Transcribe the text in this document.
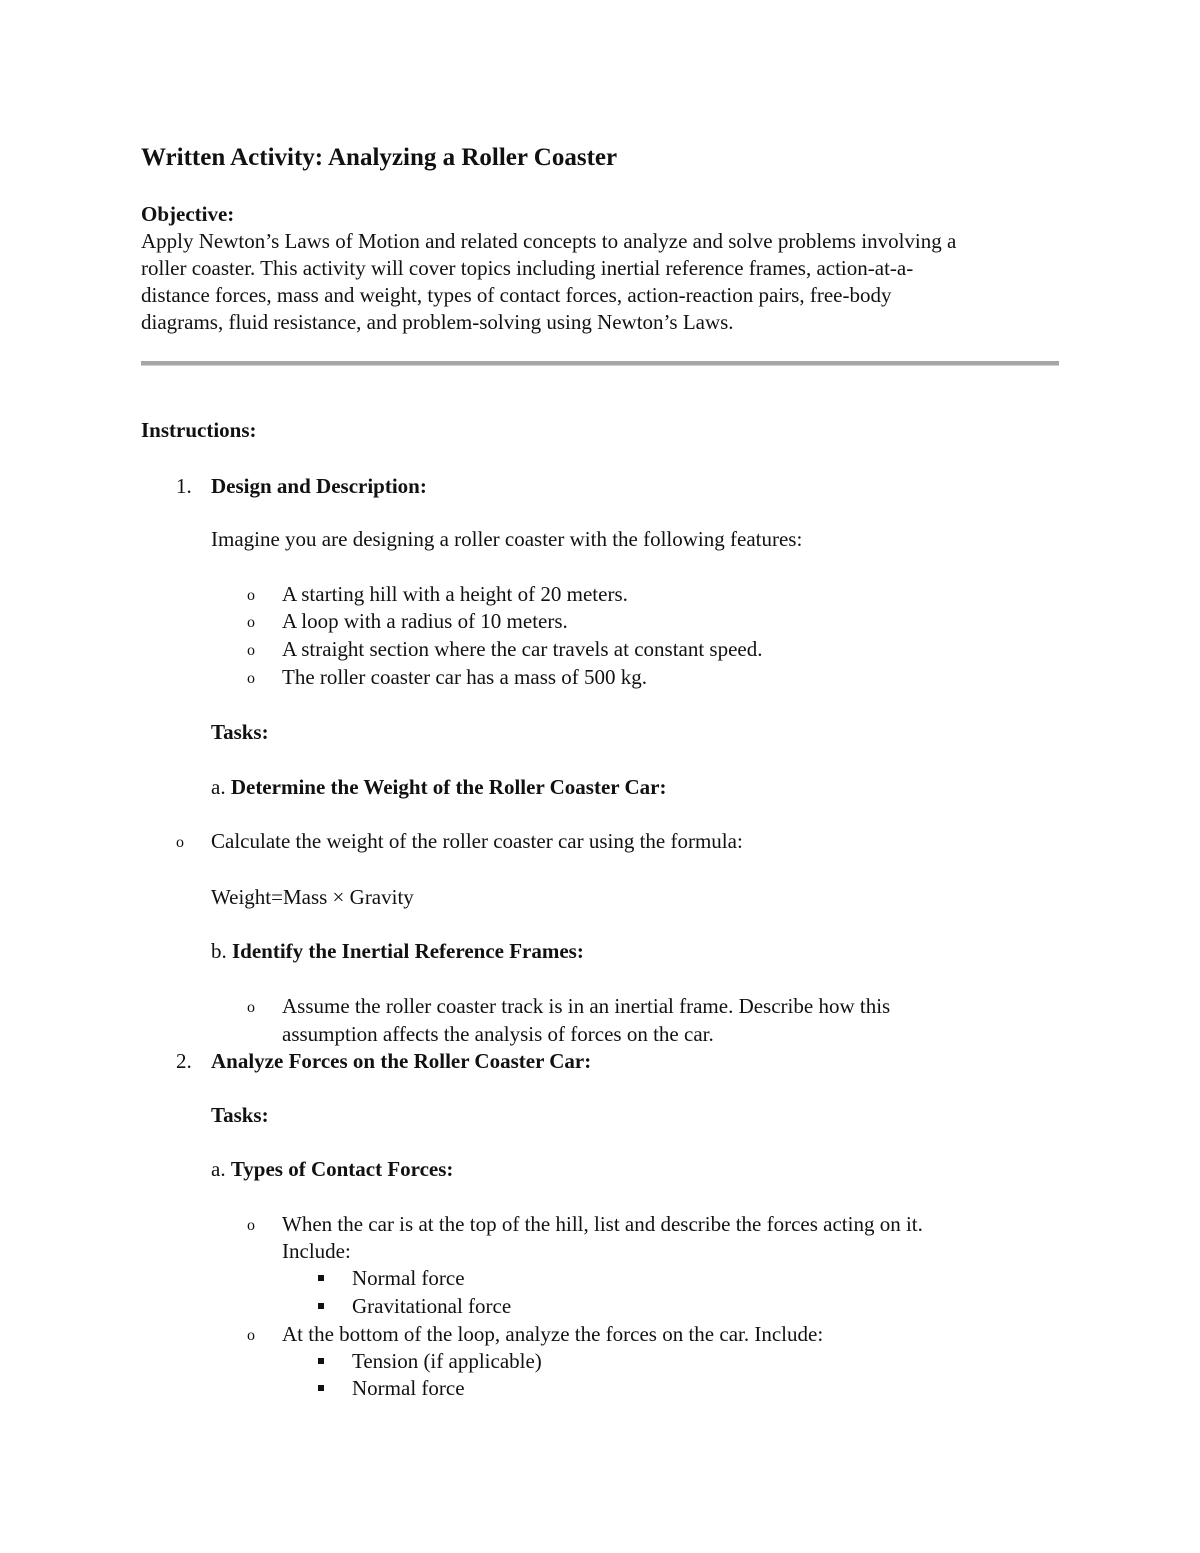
Written Activity: Analyzing a Roller Coaster
Objective:
Apply Newton’s Laws of Motion and related concepts to analyze and solve problems involving a
roller coaster. This activity will cover topics including inertial reference frames, action-at-a-
distance forces, mass and weight, types of contact forces, action-reaction pairs, free-body
diagrams, fluid resistance, and problem-solving using Newton’s Laws.
Instructions:
1. Design and Description:
Imagine you are designing a roller coaster with the following features:
o A starting hill with a height of 20 meters.
o A loop with a radius of 10 meters.
o A straight section where the car travels at constant speed.
o The roller coaster car has a mass of 500 kg.
Tasks:
a. Determine the Weight of the Roller Coaster Car:
o Calculate the weight of the roller coaster car using the formula:
Weight=Mass × Gravity
b. Identify the Inertial Reference Frames:
o Assume the roller coaster track is in an inertial frame. Describe how this
assumption affects the analysis of forces on the car.
2. Analyze Forces on the Roller Coaster Car:
Tasks:
a. Types of Contact Forces:
o When the car is at the top of the hill, list and describe the forces acting on it.
Include:
Normal force
Gravitational force
o At the bottom of the loop, analyze the forces on the car. Include:
Tension (if applicable)
Normal force
